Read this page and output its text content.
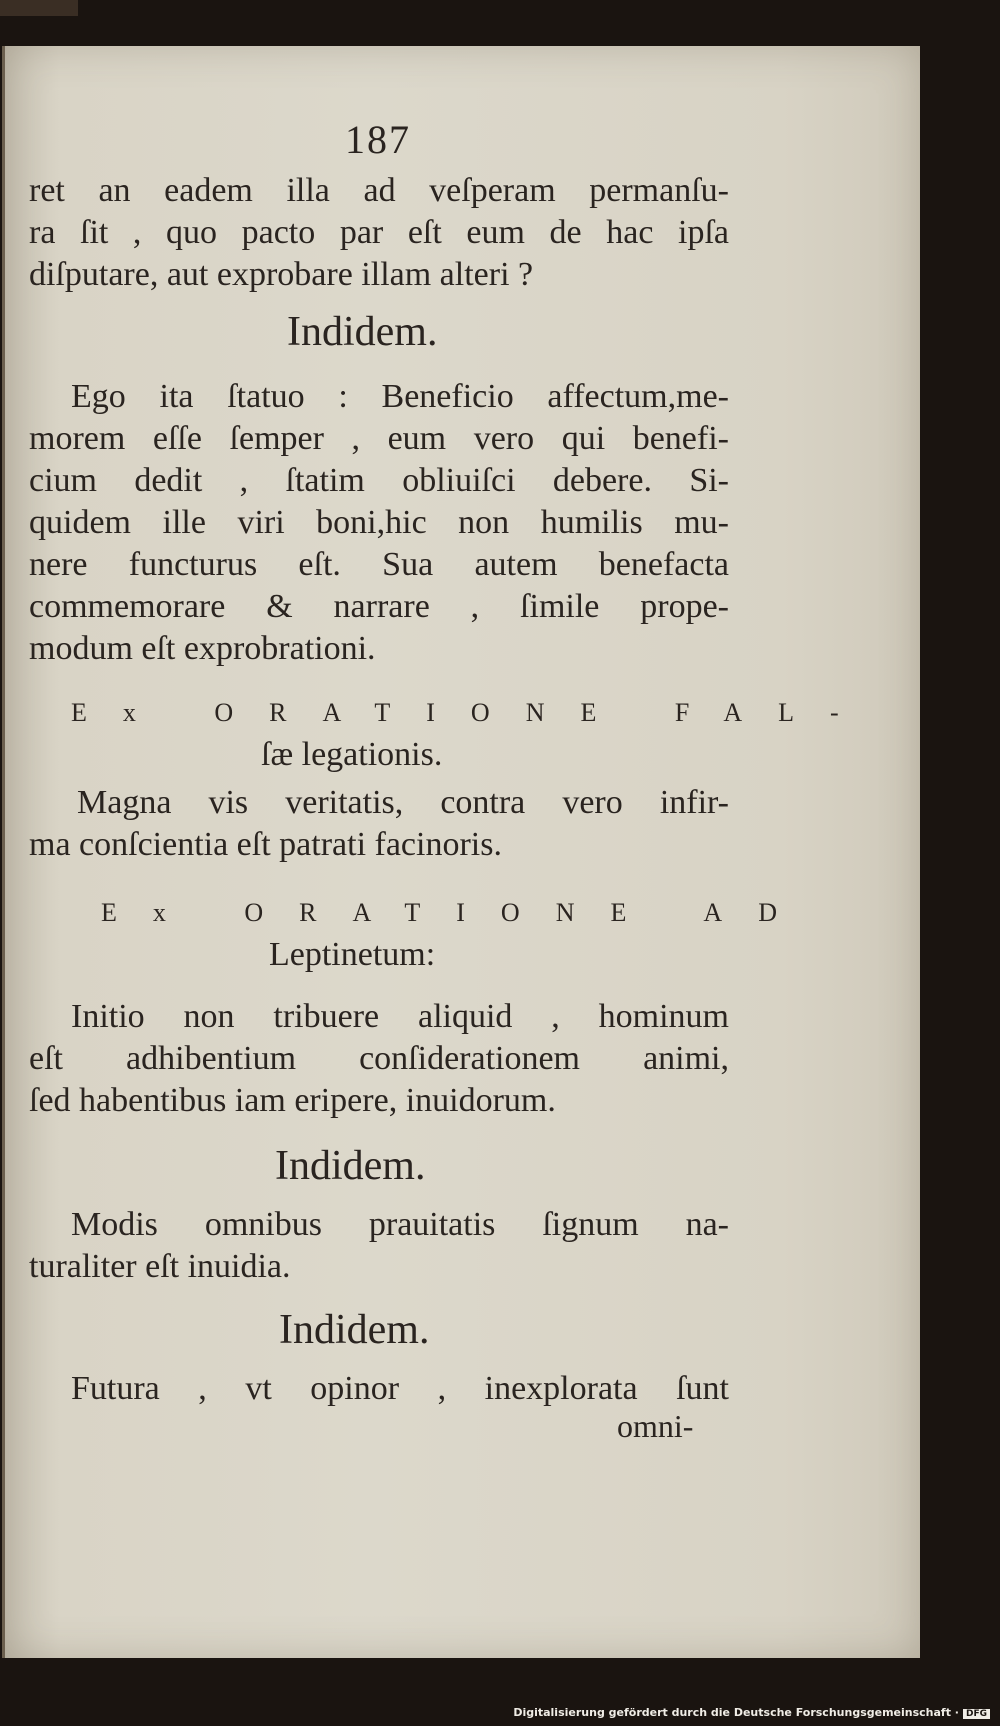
187
ret an eadem illa ad veſperam permanſu-
ra ſit , quo pacto par eſt eum de hac ipſa
diſputare, aut exprobare illam alteri ?
Indidem.
Ego ita ſtatuo : Beneficio affectum,me-
morem eſſe ſemper , eum vero qui benefi-
cium dedit , ſtatim obliuiſci debere. Si-
quidem ille viri boni,hic non humilis mu-
nere functurus eſt. Sua autem benefacta
commemorare & narrare , ſimile prope-
modum eſt exprobrationi.
Ex ORATIONE FAL-
ſæ legationis.
Magna vis veritatis, contra vero infir-
ma conſcientia eſt patrati facinoris.
Ex ORATIONE AD
Leptinetum:
Initio non tribuere aliquid , hominum
eſt adhibentium conſiderationem animi,
ſed habentibus iam eripere, inuidorum.
Indidem.
Modis omnibus prauitatis ſignum na-
turaliter eſt inuidia.
Indidem.
Futura , vt opinor , inexplorata ſunt
omni-
Digitalisierung gefördert durch die Deutsche Forschungsgemeinschaft · DFG
